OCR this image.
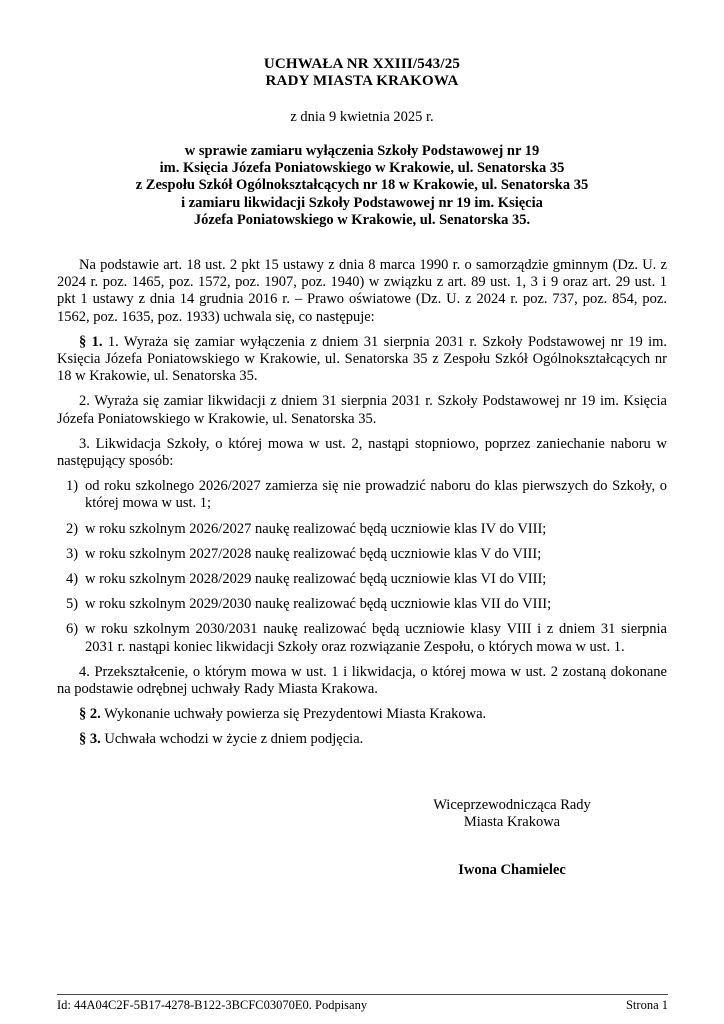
UCHWAŁA NR XXIII/543/25
RADY MIASTA KRAKOWA
z dnia 9 kwietnia 2025 r.
w sprawie zamiaru wyłączenia Szkoły Podstawowej nr 19
im. Księcia Józefa Poniatowskiego w Krakowie, ul. Senatorska 35
z Zespołu Szkół Ogólnokształcących nr 18 w Krakowie, ul. Senatorska 35
i zamiaru likwidacji Szkoły Podstawowej nr 19 im. Księcia
Józefa Poniatowskiego w Krakowie, ul. Senatorska 35.
Na podstawie art. 18 ust. 2 pkt 15 ustawy z dnia 8 marca 1990 r. o samorządzie gminnym (Dz. U. z 2024 r. poz. 1465, poz. 1572, poz. 1907, poz. 1940) w związku z art. 89 ust. 1, 3 i 9 oraz art. 29 ust. 1 pkt 1 ustawy z dnia 14 grudnia 2016 r. – Prawo oświatowe (Dz. U. z 2024 r. poz. 737, poz. 854, poz. 1562, poz. 1635, poz. 1933) uchwala się, co następuje:
§ 1. 1. Wyraża się zamiar wyłączenia z dniem 31 sierpnia 2031 r. Szkoły Podstawowej nr 19 im. Księcia Józefa Poniatowskiego w Krakowie, ul. Senatorska 35 z Zespołu Szkół Ogólnokształcących nr 18 w Krakowie, ul. Senatorska 35.
2. Wyraża się zamiar likwidacji z dniem 31 sierpnia 2031 r. Szkoły Podstawowej nr 19 im. Księcia Józefa Poniatowskiego w Krakowie, ul. Senatorska 35.
3. Likwidacja Szkoły, o której mowa w ust. 2, nastąpi stopniowo, poprzez zaniechanie naboru w następujący sposób:
1) od roku szkolnego 2026/2027 zamierza się nie prowadzić naboru do klas pierwszych do Szkoły, o której mowa w ust. 1;
2) w roku szkolnym 2026/2027 naukę realizować będą uczniowie klas IV do VIII;
3) w roku szkolnym 2027/2028 naukę realizować będą uczniowie klas V do VIII;
4) w roku szkolnym 2028/2029 naukę realizować będą uczniowie klas VI do VIII;
5) w roku szkolnym 2029/2030 naukę realizować będą uczniowie klas VII do VIII;
6) w roku szkolnym 2030/2031 naukę realizować będą uczniowie klasy VIII i z dniem 31 sierpnia 2031 r. nastąpi koniec likwidacji Szkoły oraz rozwiązanie Zespołu, o których mowa w ust. 1.
4. Przekształcenie, o którym mowa w ust. 1 i likwidacja, o której mowa w ust. 2 zostaną dokonane na podstawie odrębnej uchwały Rady Miasta Krakowa.
§ 2. Wykonanie uchwały powierza się Prezydentowi Miasta Krakowa.
§ 3. Uchwała wchodzi w życie z dniem podjęcia.
Wiceprzewodnicząca Rady
Miasta Krakowa
Iwona Chamielec
Id: 44A04C2F-5B17-4278-B122-3BCFC03070E0. Podpisany	Strona 1
